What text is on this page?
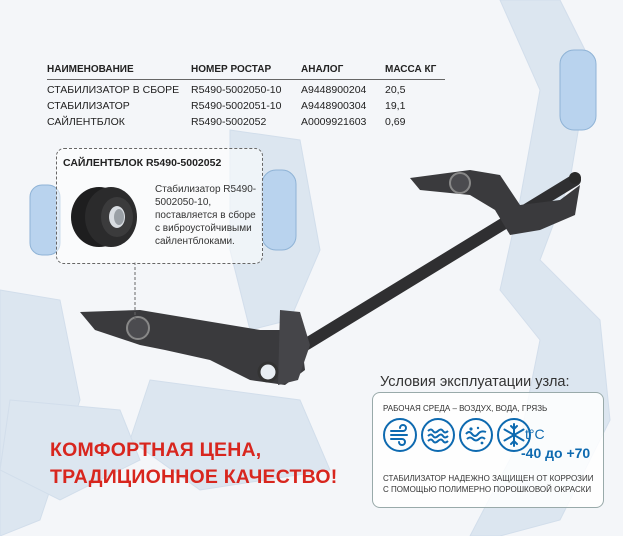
НАИМЕНОВАНИЕ	НОМЕР РОСТАР	АНАЛОГ	МАССА КГ
СТАБИЛИЗАТОР В СБОРЕ	R5490-5002050-10	A9448900204	20,5
СТАБИЛИЗАТОР	R5490-5002051-10	A9448900304	19,1
САЙЛЕНТБЛОК	R5490-5002052	A0009921603	0,69
САЙЛЕНТБЛОК R5490-5002052
Стабилизатор R5490-5002050-10, поставляется в сборе с виброустойчивыми сайлентблоками.
КОМФОРТНАЯ ЦЕНА,
ТРАДИЦИОННОЕ КАЧЕСТВО!
Условия эксплуатации узла:
РАБОЧАЯ СРЕДА – ВОЗДУХ, ВОДА, ГРЯЗЬ
t°C
-40 до +70
СТАБИЛИЗАТОР НАДЕЖНО ЗАЩИЩЕН ОТ КОРРОЗИИ С ПОМОЩЬЮ ПОЛИМЕРНО ПОРОШКОВОЙ ОКРАСКИ
